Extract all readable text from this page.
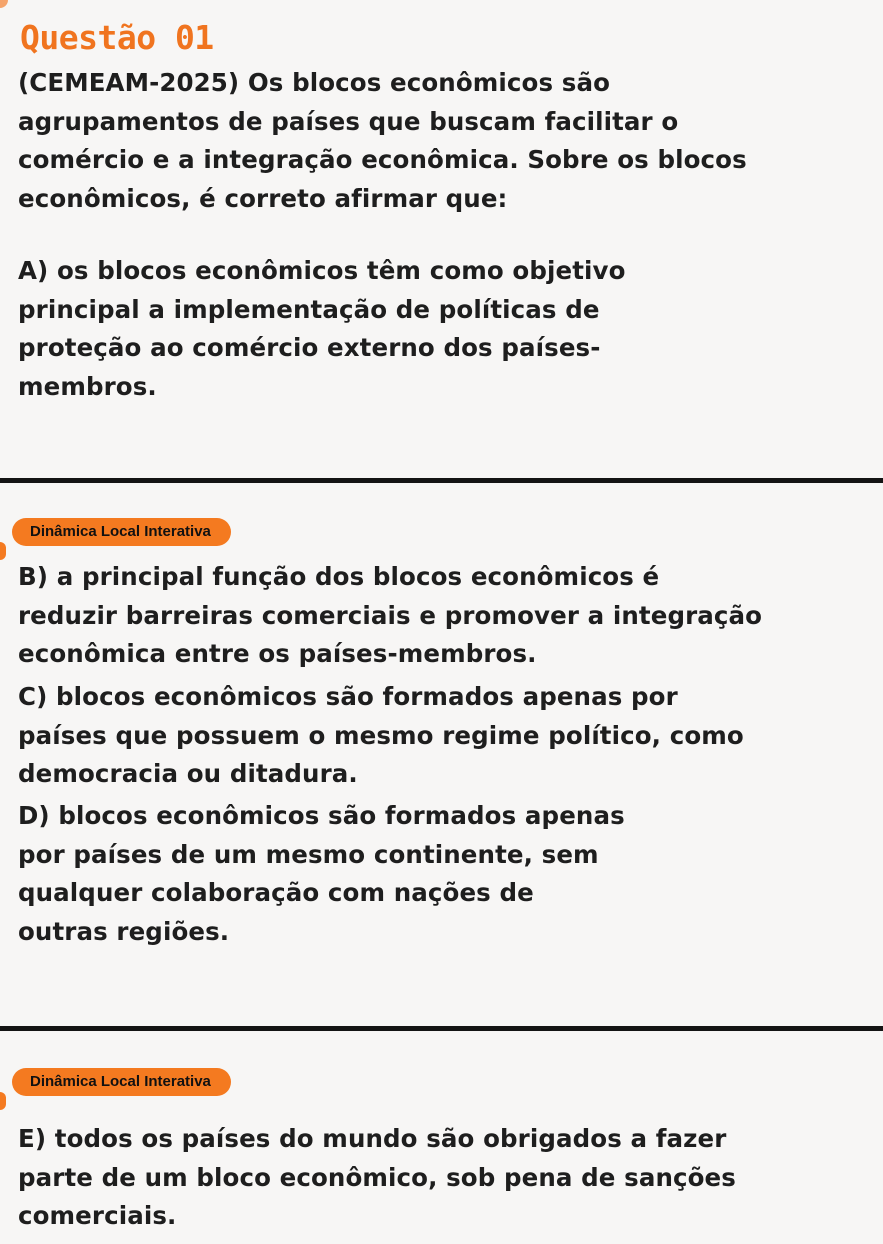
Questão 01

(CEMEAM-2025) Os blocos econômicos são
agrupamentos de países que buscam facilitar o
comércio e a integração econômica. Sobre os blocos
econômicos, é correto afirmar que:

A) os blocos econômicos têm como objetivo
principal a implementação de políticas de
proteção ao comércio externo dos países-
membros.

Dinâmica Local Interativa

B) a principal função dos blocos econômicos é
reduzir barreiras comerciais e promover a integração
econômica entre os países-membros.

C) blocos econômicos são formados apenas por
países que possuem o mesmo regime político, como
democracia ou ditadura.

D) blocos econômicos são formados apenas
por países de um mesmo continente, sem
qualquer colaboração com nações de
outras regiões.

Dinâmica Local Interativa

E) todos os países do mundo são obrigados a fazer
parte de um bloco econômico, sob pena de sanções
comerciais.
